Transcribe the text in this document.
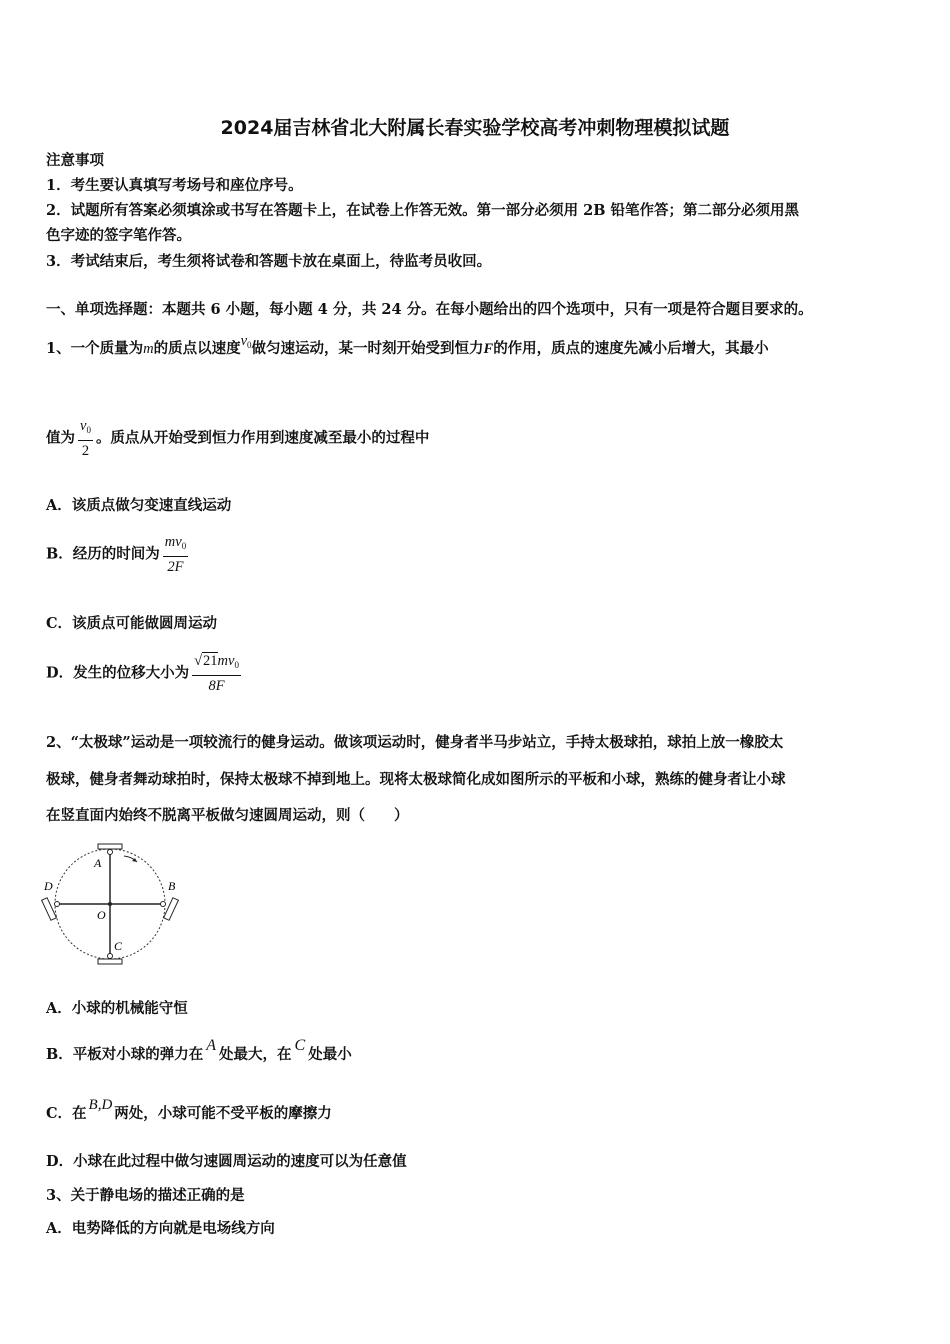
2024届吉林省北大附属长春实验学校高考冲刺物理模拟试题
注意事项
1．考生要认真填写考场号和座位序号。
2．试题所有答案必须填涂或书写在答题卡上，在试卷上作答无效。第一部分必须用 2B 铅笔作答；第二部分必须用黑
色字迹的签字笔作答。
3．考试结束后，考生须将试卷和答题卡放在桌面上，待监考员收回。
一、单项选择题：本题共 6 小题，每小题 4 分，共 24 分。在每小题给出的四个选项中，只有一项是符合题目要求的。
1、一个质量为m的质点以速度$v_0$做匀速运动，某一时刻开始受到恒力F的作用，质点的速度先减小后增大，其最小
值为 $\frac{v_0}{2}$ 。质点从开始受到恒力作用到速度减至最小的过程中
A．该质点做匀变速直线运动
B．经历的时间为 $\frac{mv_0}{2F}$
C．该质点可能做圆周运动
D．发生的位移大小为 $\frac{√21mv_0}{8F}$
2、“太极球”运动是一项较流行的健身运动。做该项运动时，健身者半马步站立，手持太极球拍，球拍上放一橡胶太
极球，健身者舞动球拍时，保持太极球不掉到地上。现将太极球简化成如图所示的平板和小球，熟练的健身者让小球
在竖直面内始终不脱离平板做匀速圆周运动，则（　　）
A
B
C
D
O
A．小球的机械能守恒
B．平板对小球的弹力在A处最大，在C处最小
C．在 B,D 两处，小球可能不受平板的摩擦力
D．小球在此过程中做匀速圆周运动的速度可以为任意值
3、关于静电场的描述正确的是
A．电势降低的方向就是电场线方向
